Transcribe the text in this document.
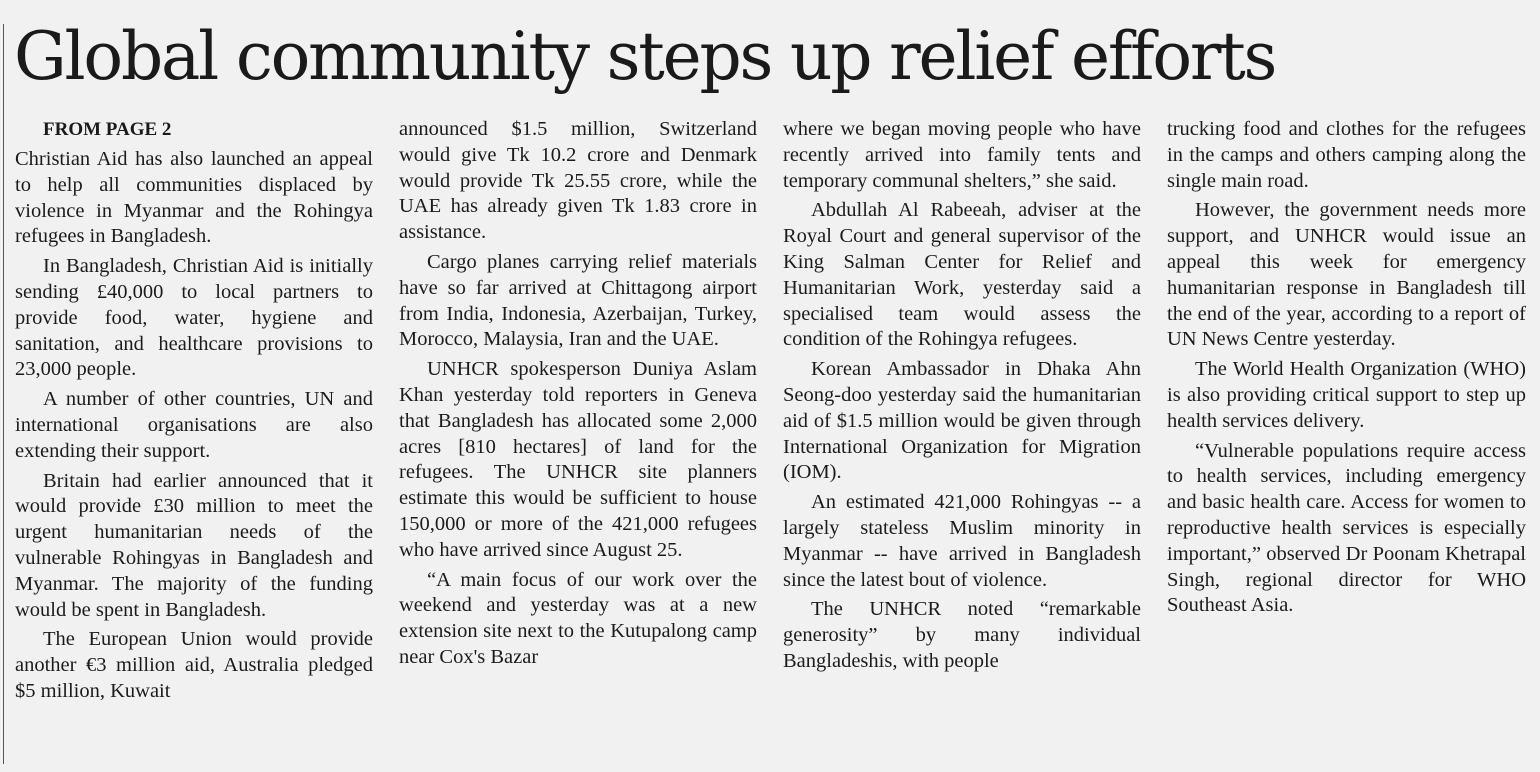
Global community steps up relief efforts

FROM PAGE 2

Christian Aid has also launched an appeal to help all communities displaced by violence in Myanmar and the Rohingya refugees in Bangladesh.

In Bangladesh, Christian Aid is initially sending £40,000 to local partners to provide food, water, hygiene and sanitation, and healthcare provisions to 23,000 people.

A number of other countries, UN and international organisations are also extending their support.

Britain had earlier announced that it would provide £30 million to meet the urgent humanitarian needs of the vulnerable Rohingyas in Bangladesh and Myanmar. The majority of the funding would be spent in Bangladesh.

The European Union would provide another €3 million aid, Australia pledged $5 million, Kuwait

announced $1.5 million, Switzerland would give Tk 10.2 crore and Denmark would provide Tk 25.55 crore, while the UAE has already given Tk 1.83 crore in assistance.

Cargo planes carrying relief materials have so far arrived at Chittagong airport from India, Indonesia, Azerbaijan, Turkey, Morocco, Malaysia, Iran and the UAE.

UNHCR spokesperson Duniya Aslam Khan yesterday told reporters in Geneva that Bangladesh has allocated some 2,000 acres [810 hectares] of land for the refugees. The UNHCR site planners estimate this would be sufficient to house 150,000 or more of the 421,000 refugees who have arrived since August 25.

“A main focus of our work over the weekend and yesterday was at a new extension site next to the Kutupalong camp near Cox's Bazar

where we began moving people who have recently arrived into family tents and temporary communal shelters,” she said.

Abdullah Al Rabeeah, adviser at the Royal Court and general supervisor of the King Salman Center for Relief and Humanitarian Work, yesterday said a specialised team would assess the condition of the Rohingya refugees.

Korean Ambassador in Dhaka Ahn Seong-doo yesterday said the humanitarian aid of $1.5 million would be given through International Organization for Migration (IOM).

An estimated 421,000 Rohingyas -- a largely stateless Muslim minority in Myanmar -- have arrived in Bangladesh since the latest bout of violence.

The UNHCR noted “remarkable generosity” by many individual Bangladeshis, with people

trucking food and clothes for the refugees in the camps and others camping along the single main road.

However, the government needs more support, and UNHCR would issue an appeal this week for emergency humanitarian response in Bangladesh till the end of the year, according to a report of UN News Centre yesterday.

The World Health Organization (WHO) is also providing critical support to step up health services delivery.

“Vulnerable populations require access to health services, including emergency and basic health care. Access for women to reproductive health services is especially important,” observed Dr Poonam Khetrapal Singh, regional director for WHO Southeast Asia.
